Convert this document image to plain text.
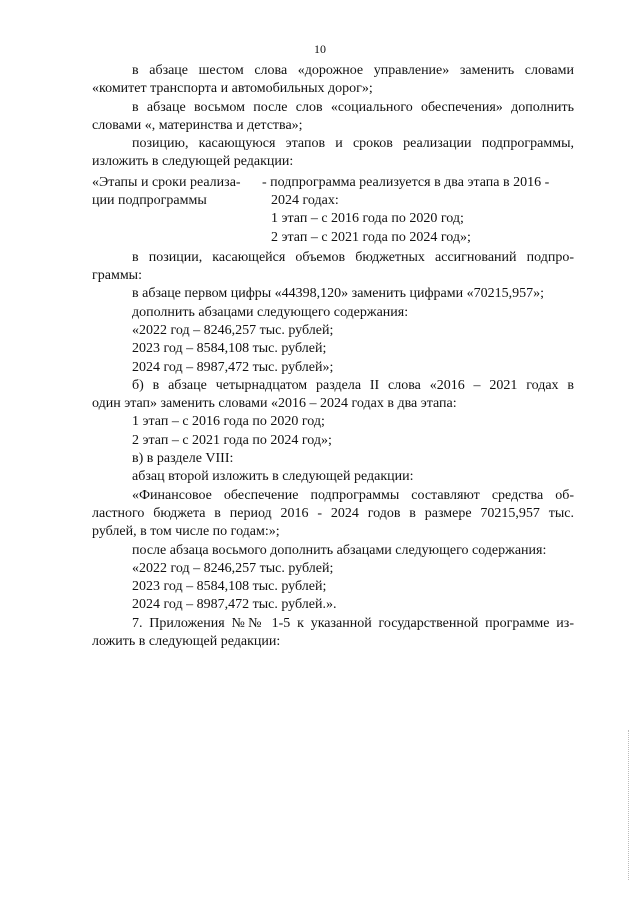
10
в абзаце шестом слова «дорожное управление» заменить словами
«комитет транспорта и автомобильных дорог»;
в абзаце восьмом после слов «социального обеспечения» дополнить
словами «, материнства и детства»;
позицию, касающуюся этапов и сроков реализации подпрограммы,
изложить в следующей редакции:
«Этапы и сроки реализа-
ции подпрограммы
- подпрограмма реализуется в два этапа в 2016 -
2024 годах:
1 этап – с 2016 года по 2020 год;
2 этап – с 2021 года по 2024 год»;
в позиции, касающейся объемов бюджетных ассигнований подпро-
граммы:
в абзаце первом цифры «44398,120» заменить цифрами «70215,957»;
дополнить абзацами следующего содержания:
«2022 год – 8246,257 тыс. рублей;
2023 год – 8584,108 тыс. рублей;
2024 год – 8987,472 тыс. рублей»;
б) в абзаце четырнадцатом раздела II слова «2016 – 2021 годах в
один этап» заменить словами «2016 – 2024 годах в два этапа:
1 этап – с 2016 года по 2020 год;
2 этап – с 2021 года по 2024 год»;
в) в разделе VIII:
абзац второй изложить в следующей редакции:
«Финансовое обеспечение подпрограммы составляют средства об-
ластного бюджета в период 2016 - 2024 годов в размере 70215,957 тыс.
рублей, в том числе по годам:»;
после абзаца восьмого дополнить абзацами следующего содержания:
«2022 год – 8246,257 тыс. рублей;
2023 год – 8584,108 тыс. рублей;
2024 год – 8987,472 тыс. рублей.».
7. Приложения №№ 1-5 к указанной государственной программе из-
ложить в следующей редакции:
